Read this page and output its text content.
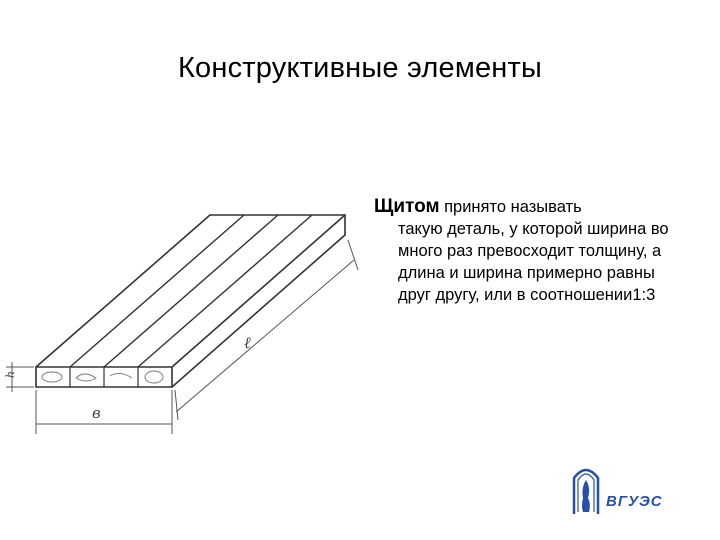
Конструктивные элементы
ℓ
в
h
Щитом принято называть
такую деталь, у которой ширина во много раз превосходит толщину, а длина и ширина примерно равны друг другу, или в соотношении1:3
ВГУЭС
